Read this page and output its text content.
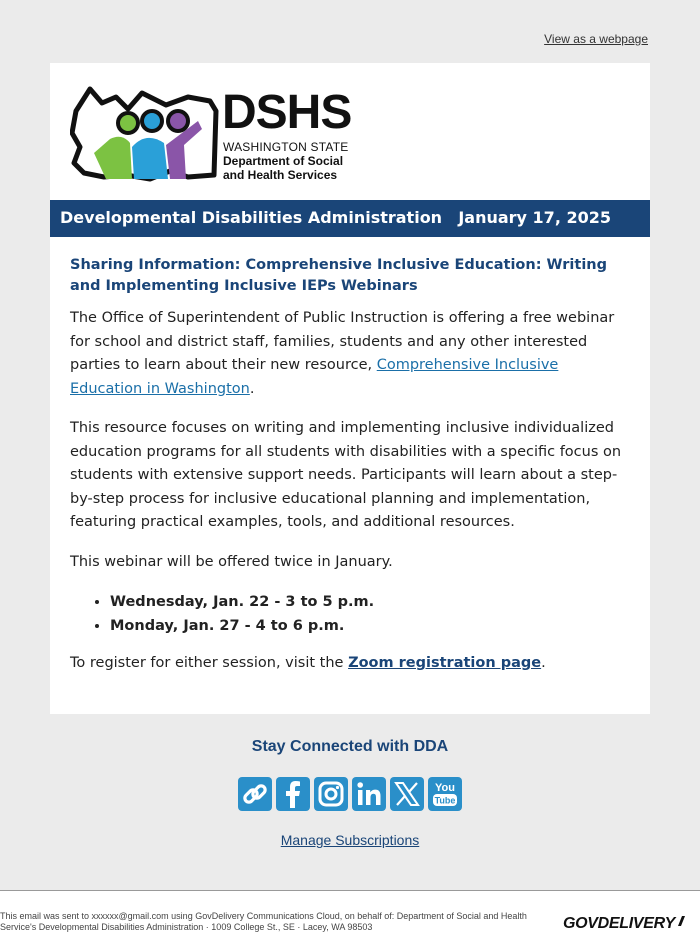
View as a webpage
DSHS
WASHINGTON STATE
Department of Social
and Health Services
Developmental Disabilities Administration January 17, 2025
Sharing Information: Comprehensive Inclusive Education: Writing and Implementing Inclusive IEPs Webinars

The Office of Superintendent of Public Instruction is offering a free webinar for school and district staff, families, students and any other interested parties to learn about their new resource, Comprehensive Inclusive Education in Washington.

This resource focuses on writing and implementing inclusive individualized education programs for all students with disabilities with a specific focus on students with extensive support needs. Participants will learn about a step-by-step process for inclusive educational planning and implementation, featuring practical examples, tools, and additional resources.

This webinar will be offered twice in January.

• Wednesday, Jan. 22 - 3 to 5 p.m.
• Monday, Jan. 27 - 4 to 6 p.m.

To register for either session, visit the Zoom registration page.

Stay Connected with DDA
You
Tube
Manage Subscriptions
This email was sent to xxxxxx@gmail.com using GovDelivery Communications Cloud, on behalf of: Department of Social and Health Service's Developmental Disabilities Administration · 1009 College St., SE · Lacey, WA 98503	GOVDELIVERY
